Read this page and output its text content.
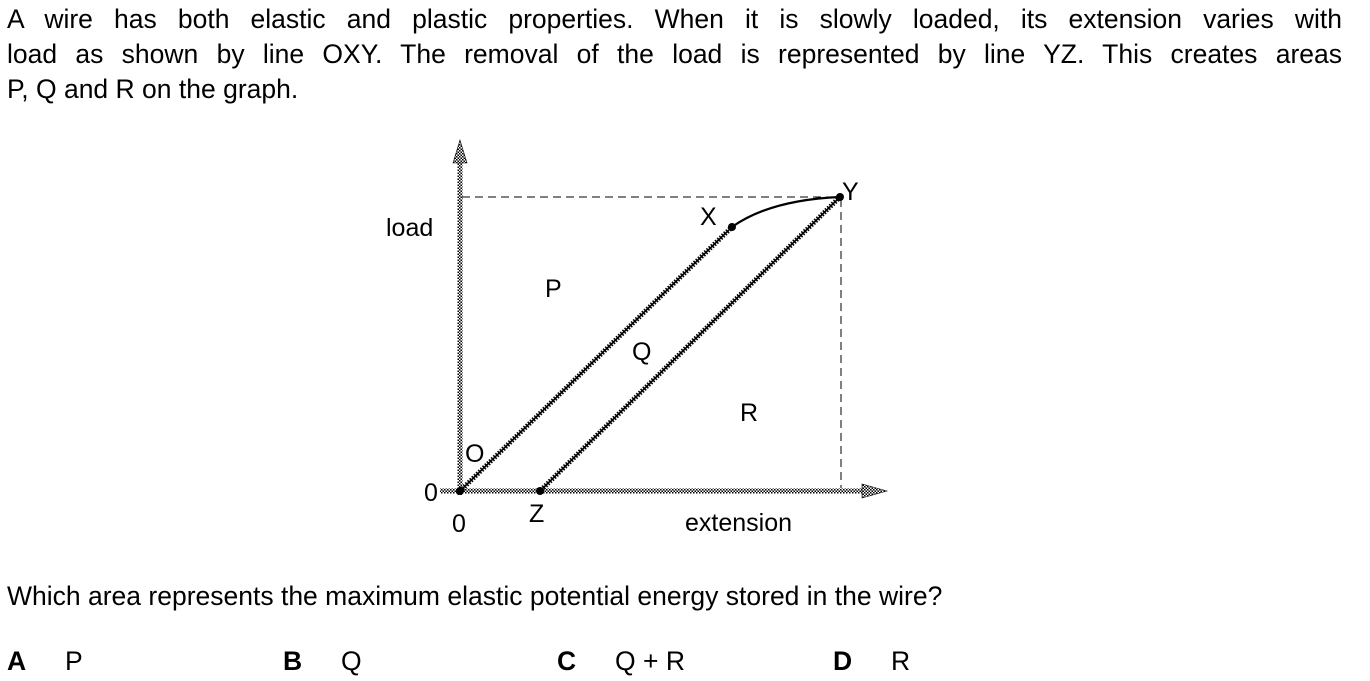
A wire has both elastic and plastic properties. When it is slowly loaded, its extension varies with
load as shown by line OXY. The removal of the load is represented by line YZ. This creates areas
P, Q and R on the graph.
load
extension
0
0
O
X
Y
Z
P
Q
R

Which area represents the maximum elastic potential energy stored in the wire?

A	P	B	Q	C	Q + R	D	R
